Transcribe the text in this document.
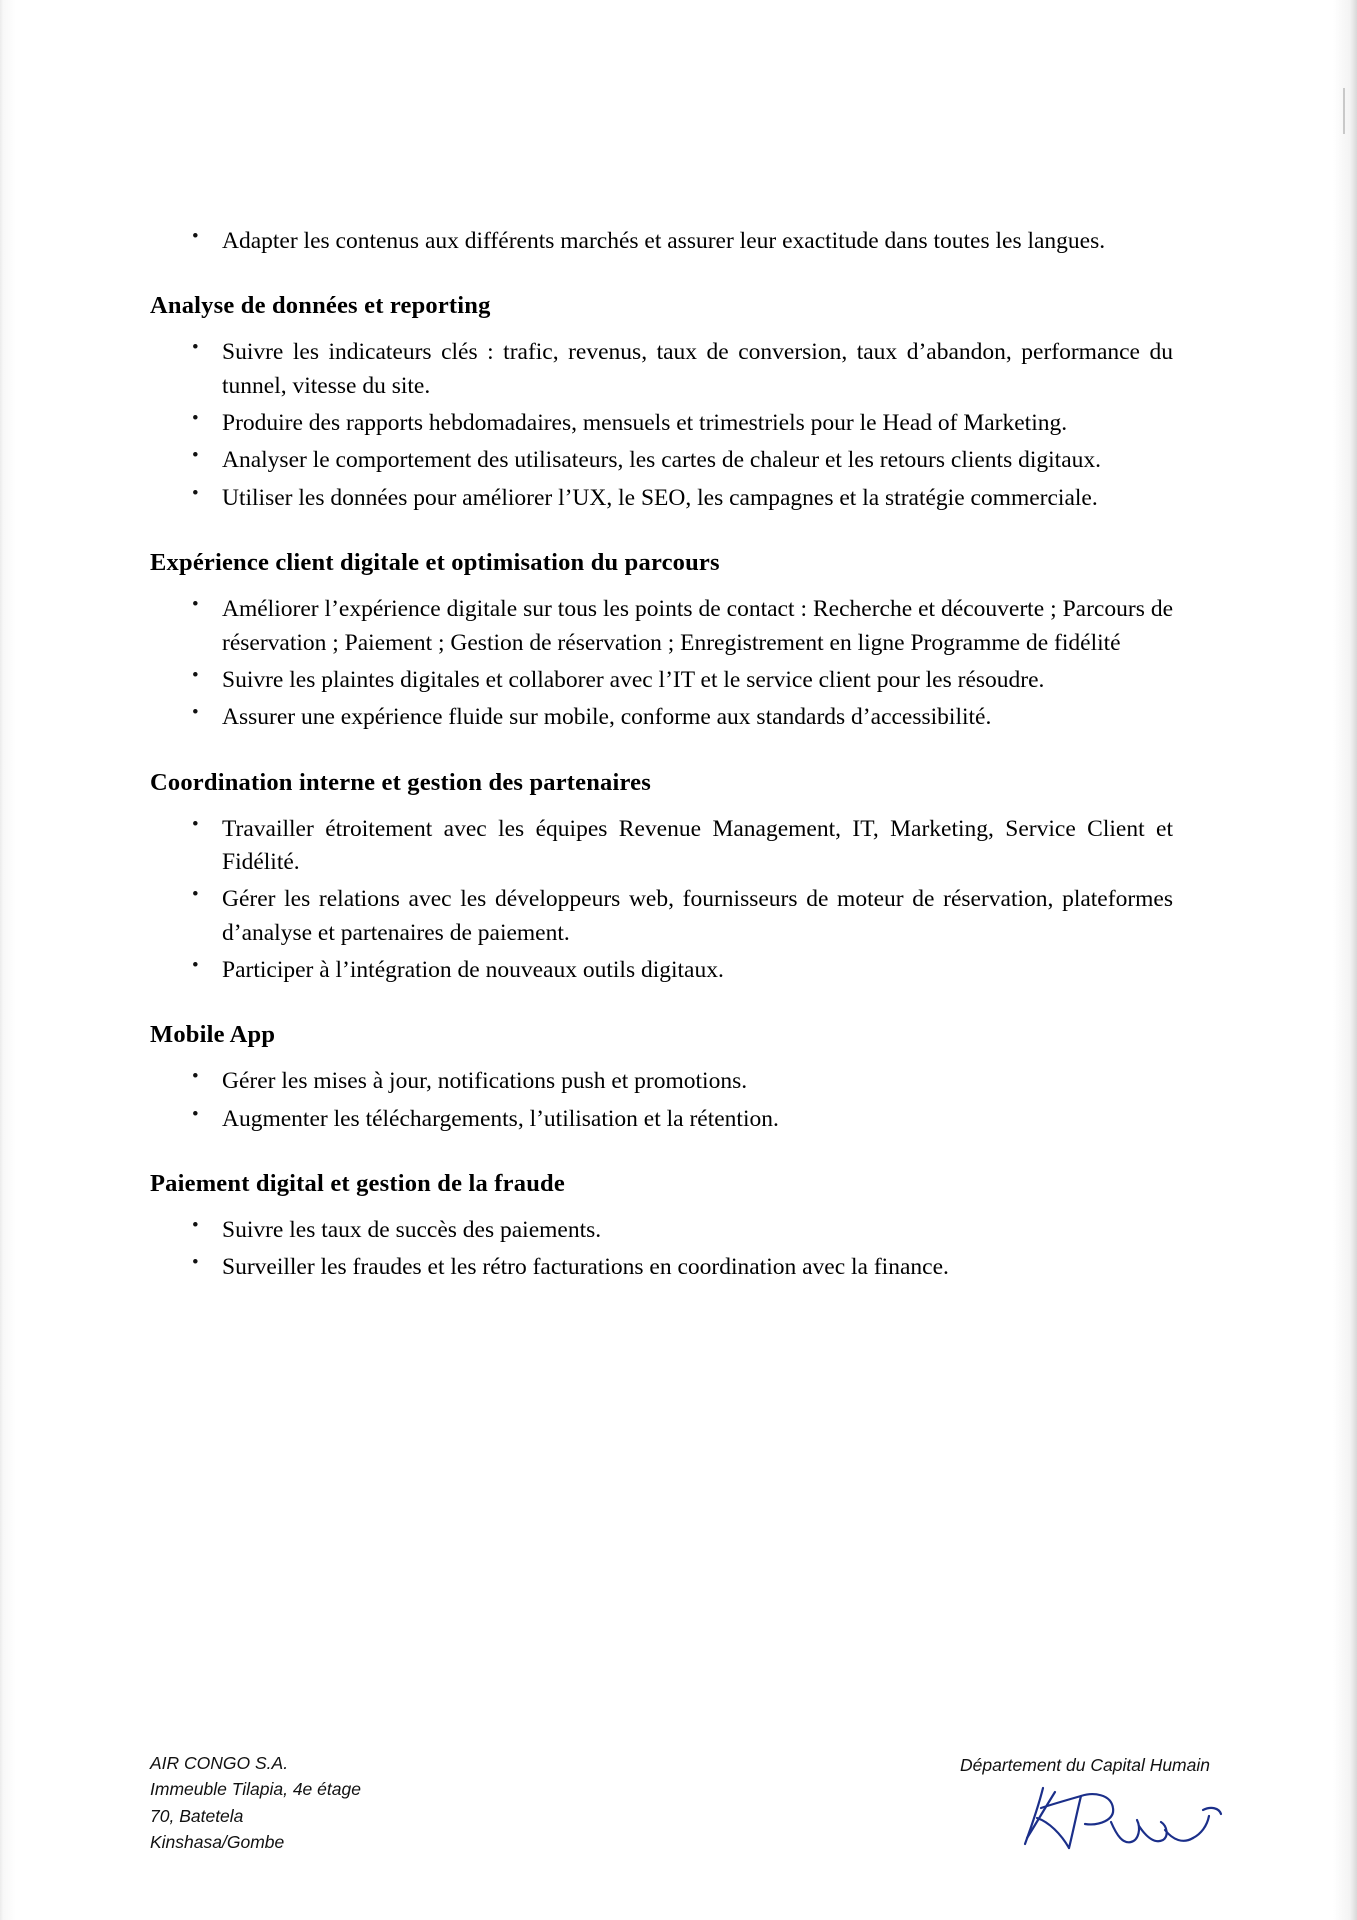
• Adapter les contenus aux différents marchés et assurer leur exactitude dans toutes les langues.
Analyse de données et reporting
• Suivre les indicateurs clés : trafic, revenus, taux de conversion, taux d’abandon, performance du tunnel, vitesse du site.
• Produire des rapports hebdomadaires, mensuels et trimestriels pour le Head of Marketing.
• Analyser le comportement des utilisateurs, les cartes de chaleur et les retours clients digitaux.
• Utiliser les données pour améliorer l’UX, le SEO, les campagnes et la stratégie commerciale.
Expérience client digitale et optimisation du parcours
• Améliorer l’expérience digitale sur tous les points de contact : Recherche et découverte ; Parcours de réservation ; Paiement ; Gestion de réservation ; Enregistrement en ligne Programme de fidélité
• Suivre les plaintes digitales et collaborer avec l’IT et le service client pour les résoudre.
• Assurer une expérience fluide sur mobile, conforme aux standards d’accessibilité.
Coordination interne et gestion des partenaires
• Travailler étroitement avec les équipes Revenue Management, IT, Marketing, Service Client et Fidélité.
• Gérer les relations avec les développeurs web, fournisseurs de moteur de réservation, plateformes d’analyse et partenaires de paiement.
• Participer à l’intégration de nouveaux outils digitaux.
Mobile App
• Gérer les mises à jour, notifications push et promotions.
• Augmenter les téléchargements, l’utilisation et la rétention.
Paiement digital et gestion de la fraude
• Suivre les taux de succès des paiements.
• Surveiller les fraudes et les rétro facturations en coordination avec la finance.
AIR CONGO S.A.
Immeuble Tilapia, 4e étage
70, Batetela
Kinshasa/Gombe
Département du Capital Humain
